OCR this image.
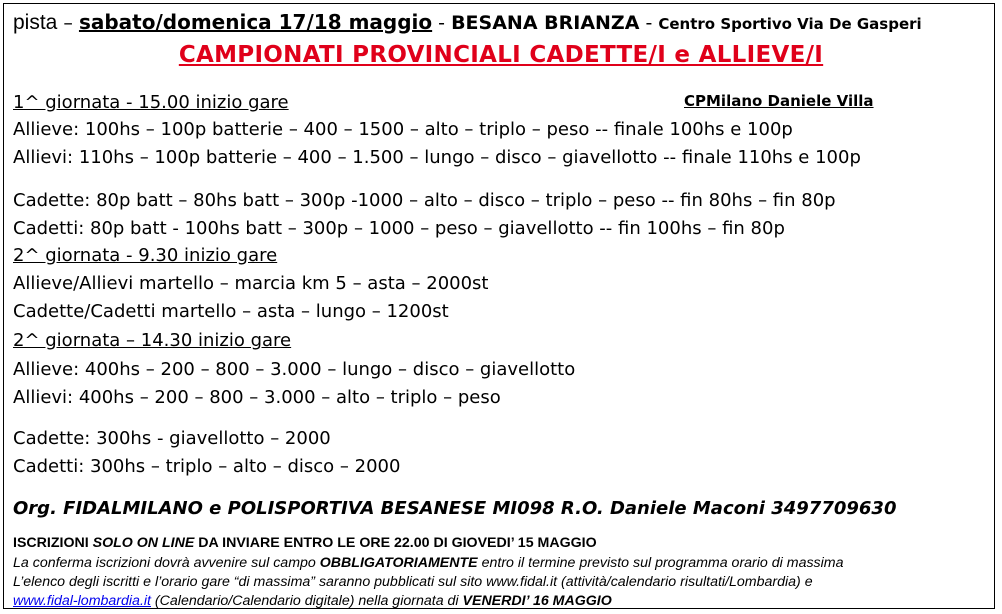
pista – sabato/domenica 17/18 maggio - BESANA BRIANZA - Centro Sportivo Via De Gasperi
CAMPIONATI PROVINCIALI CADETTE/I e ALLIEVE/I
1^ giornata - 15.00 inizio gare	CPMilano Daniele Villa
Allieve: 100hs – 100p batterie – 400 – 1500 – alto – triplo – peso -- finale 100hs e 100p
Allievi: 110hs – 100p batterie – 400 – 1.500 – lungo – disco – giavellotto -- finale 110hs e 100p
Cadette: 80p batt – 80hs batt – 300p -1000 – alto – disco – triplo – peso -- fin 80hs – fin 80p
Cadetti: 80p batt - 100hs batt – 300p – 1000 – peso – giavellotto -- fin 100hs – fin 80p
2^ giornata - 9.30 inizio gare
Allieve/Allievi martello – marcia km 5 – asta – 2000st
Cadette/Cadetti martello – asta – lungo – 1200st
2^ giornata – 14.30 inizio gare
Allieve: 400hs – 200 – 800 – 3.000 – lungo – disco – giavellotto
Allievi: 400hs – 200 – 800 – 3.000 – alto – triplo – peso
Cadette: 300hs - giavellotto – 2000
Cadetti: 300hs – triplo – alto – disco – 2000
Org. FIDALMILANO e POLISPORTIVA BESANESE MI098 R.O. Daniele Maconi 3497709630
ISCRIZIONI SOLO ON LINE DA INVIARE ENTRO LE ORE 22.00 DI GIOVEDI’ 15 MAGGIO
La conferma iscrizioni dovrà avvenire sul campo OBBLIGATORIAMENTE entro il termine previsto sul programma orario di massima
L’elenco degli iscritti e l’orario gare “di massima” saranno pubblicati sul sito www.fidal.it (attività/calendario risultati/Lombardia) e
www.fidal-lombardia.it (Calendario/Calendario digitale) nella giornata di VENERDI’ 16 MAGGIO
